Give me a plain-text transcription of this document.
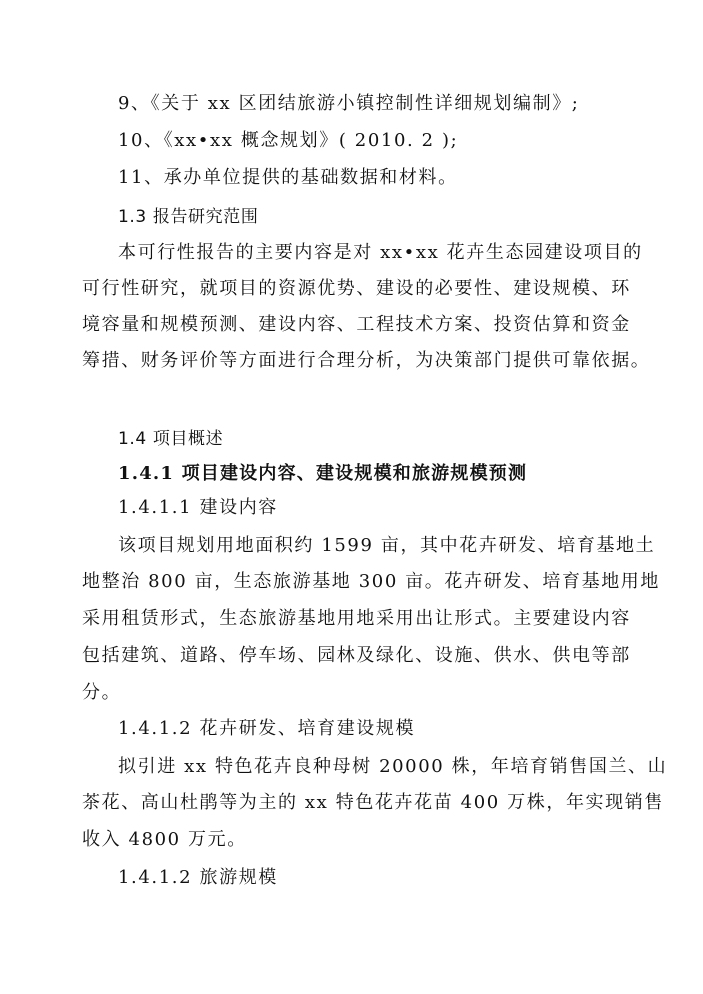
9、《关于 xx 区团结旅游小镇控制性详细规划编制》;
10、《xx•xx 概念规划》( 2010. 2 );
11、承办单位提供的基础数据和材料。
1.3 报告研究范围
本可行性报告的主要内容是对 xx•xx 花卉生态园建设项目的
可行性研究，就项目的资源优势、建设的必要性、建设规模、环
境容量和规模预测、建设内容、工程技术方案、投资估算和资金
筹措、财务评价等方面进行合理分析，为决策部门提供可靠依据。
1.4 项目概述
1.4.1 项目建设内容、建设规模和旅游规模预测
1.4.1.1 建设内容
该项目规划用地面积约 1599 亩，其中花卉研发、培育基地土
地整治 800 亩，生态旅游基地 300 亩。花卉研发、培育基地用地
采用租赁形式，生态旅游基地用地采用出让形式。主要建设内容
包括建筑、道路、停车场、园林及绿化、设施、供水、供电等部
分。
1.4.1.2 花卉研发、培育建设规模
拟引进 xx 特色花卉良种母树 20000 株，年培育销售国兰、山
茶花、高山杜鹃等为主的 xx 特色花卉花苗 400 万株，年实现销售
收入 4800 万元。
1.4.1.2 旅游规模
